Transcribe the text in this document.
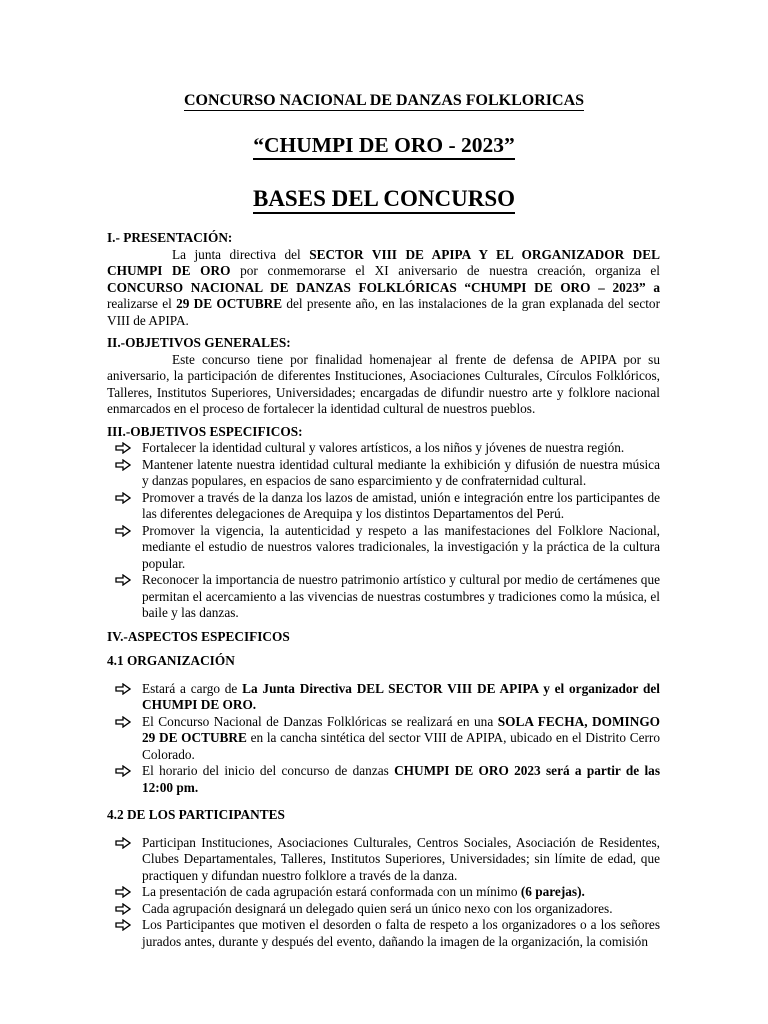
CONCURSO NACIONAL DE DANZAS FOLKLORICAS
“CHUMPI DE ORO - 2023”
BASES DEL CONCURSO

I.- PRESENTACIÓN:

La junta directiva del SECTOR VIII DE APIPA Y EL ORGANIZADOR DEL CHUMPI DE ORO por conmemorarse el XI aniversario de nuestra creación, organiza el CONCURSO NACIONAL DE DANZAS FOLKLÓRICAS “CHUMPI DE ORO – 2023” a realizarse el 29 DE OCTUBRE del presente año, en las instalaciones de la gran explanada del sector VIII de APIPA.

II.-OBJETIVOS GENERALES:

Este concurso tiene por finalidad homenajear al frente de defensa de APIPA por su aniversario, la participación de diferentes Instituciones, Asociaciones Culturales, Círculos Folklóricos, Talleres, Institutos Superiores, Universidades; encargadas de difundir nuestro arte y folklore nacional enmarcados en el proceso de fortalecer la identidad cultural de nuestros pueblos.

III.-OBJETIVOS ESPECIFICOS:

Fortalecer la identidad cultural y valores artísticos, a los niños y jóvenes de nuestra región.
Mantener latente nuestra identidad cultural mediante la exhibición y difusión de nuestra música y danzas populares, en espacios de sano esparcimiento y de confraternidad cultural.
Promover a través de la danza los lazos de amistad, unión e integración entre los participantes de las diferentes delegaciones de Arequipa y los distintos Departamentos del Perú.
Promover la vigencia, la autenticidad y respeto a las manifestaciones del Folklore Nacional, mediante el estudio de nuestros valores tradicionales, la investigación y la práctica de la cultura popular.
Reconocer la importancia de nuestro patrimonio artístico y cultural por medio de certámenes que permitan el acercamiento a las vivencias de nuestras costumbres y tradiciones como la música, el baile y las danzas.

IV.-ASPECTOS ESPECIFICOS

4.1 ORGANIZACIÓN

Estará a cargo de La Junta Directiva DEL SECTOR VIII DE APIPA y el organizador del CHUMPI DE ORO.
El Concurso Nacional de Danzas Folklóricas se realizará en una SOLA FECHA, DOMINGO 29 DE OCTUBRE en la cancha sintética del sector VIII de APIPA, ubicado en el Distrito Cerro Colorado.
El horario del inicio del concurso de danzas CHUMPI DE ORO 2023 será a partir de las 12:00 pm.

4.2 DE LOS PARTICIPANTES

Participan Instituciones, Asociaciones Culturales, Centros Sociales, Asociación de Residentes, Clubes Departamentales, Talleres, Institutos Superiores, Universidades; sin límite de edad, que practiquen y difundan nuestro folklore a través de la danza.
La presentación de cada agrupación estará conformada con un mínimo (6 parejas).
Cada agrupación designará un delegado quien será un único nexo con los organizadores.
Los Participantes que motiven el desorden o falta de respeto a los organizadores o a los señores jurados antes, durante y después del evento, dañando la imagen de la organización, la comisión
